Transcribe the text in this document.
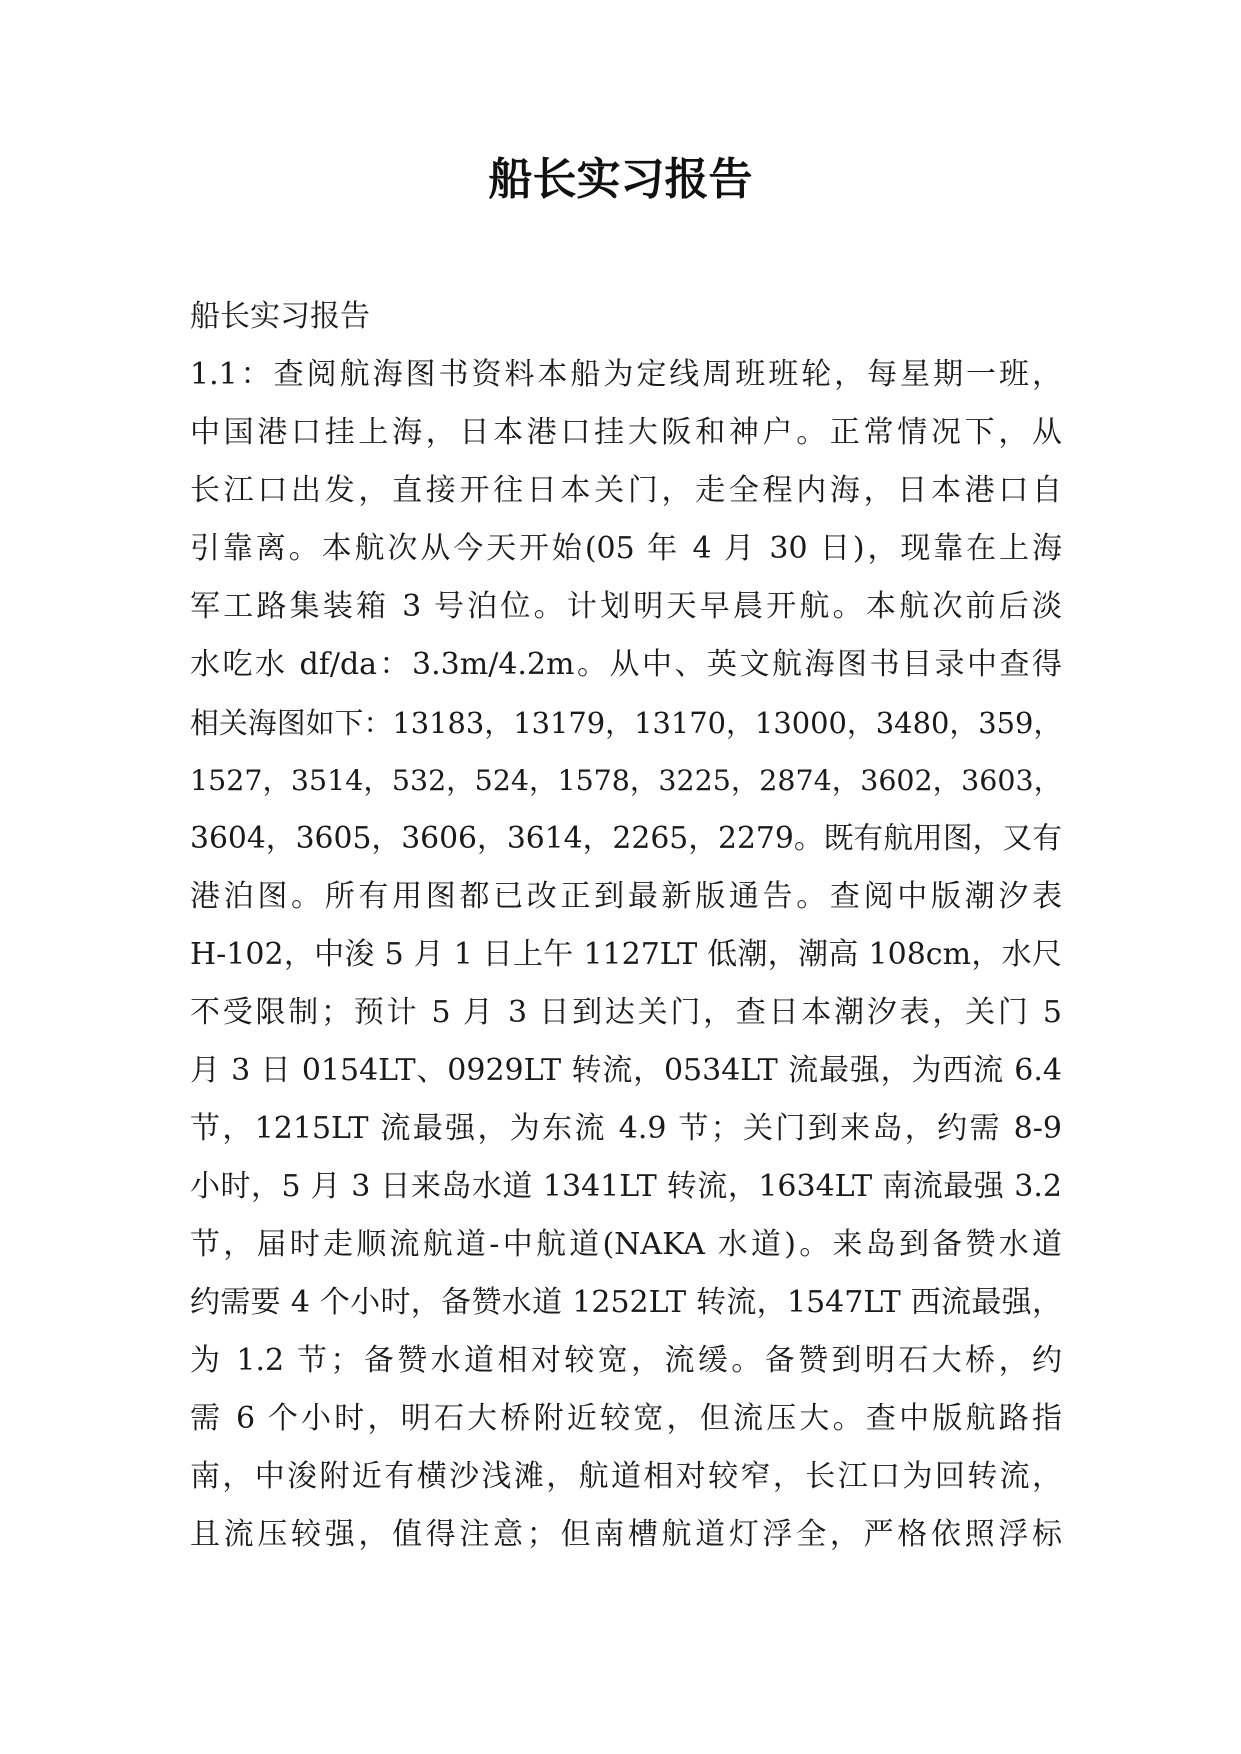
船长实习报告
船长实习报告
1.1：查阅航海图书资料本船为定线周班班轮，每星期一班，
中国港口挂上海，日本港口挂大阪和神户。正常情况下，从
长江口出发，直接开往日本关门，走全程内海，日本港口自
引靠离。本航次从今天开始(05 年 4 月 30 日)，现靠在上海
军工路集装箱 3 号泊位。计划明天早晨开航。本航次前后淡
水吃水 df/da：3.3m/4.2m。从中、英文航海图书目录中查得
相关海图如下：13183，13179，13170，13000，3480，359，
1527，3514，532，524，1578，3225，2874，3602，3603，
3604，3605，3606，3614，2265，2279。既有航用图，又有
港泊图。所有用图都已改正到最新版通告。查阅中版潮汐表
H-102，中浚 5 月 1 日上午 1127LT 低潮，潮高 108cm，水尺
不受限制；预计 5 月 3 日到达关门，查日本潮汐表，关门 5
月 3 日 0154LT、0929LT 转流，0534LT 流最强，为西流 6.4
节，1215LT 流最强，为东流 4.9 节；关门到来岛，约需 8-9
小时，5 月 3 日来岛水道 1341LT 转流，1634LT 南流最强 3.2
节，届时走顺流航道-中航道(NAKA 水道)。来岛到备赞水道
约需要 4 个小时，备赞水道 1252LT 转流，1547LT 西流最强，
为 1.2 节；备赞水道相对较宽，流缓。备赞到明石大桥，约
需 6 个小时，明石大桥附近较宽，但流压大。查中版航路指
南，中浚附近有横沙浅滩，航道相对较窄，长江口为回转流，
且流压较强，值得注意；但南槽航道灯浮全，严格依照浮标
